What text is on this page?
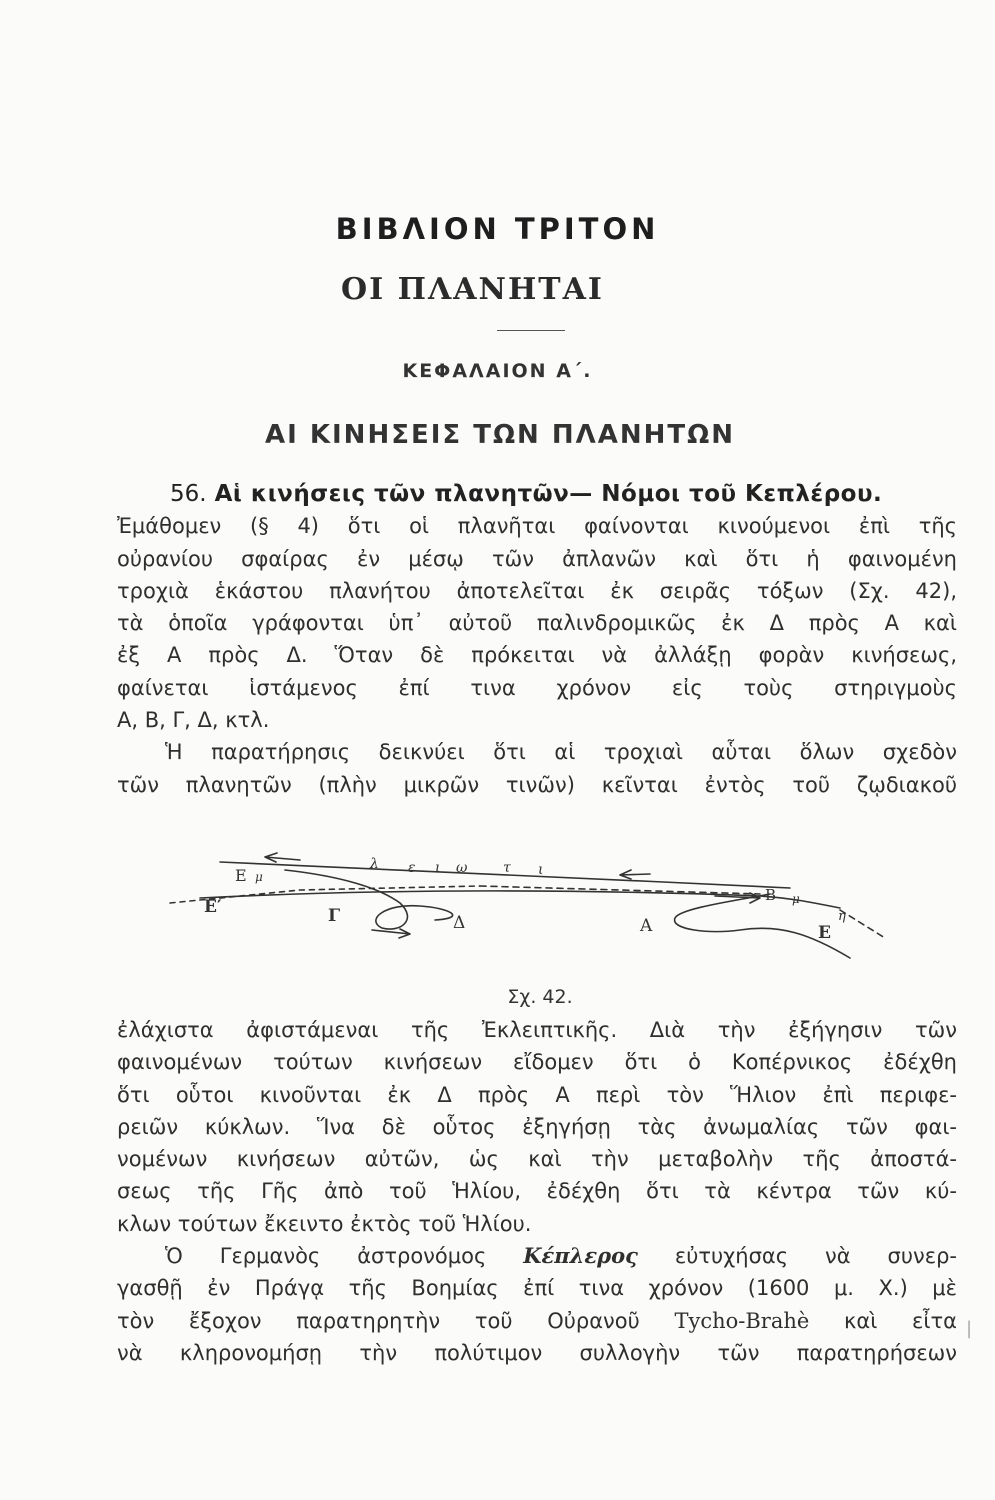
ΒΙΒΛΙΟΝ ΤΡΙΤΟΝ
ΟΙ ΠΛΑΝΗΤΑΙ
ΚΕΦΑΛΑΙΟΝ Α΄.
ΑΙ ΚΙΝΗΣΕΙΣ ΤΩΝ ΠΛΑΝΗΤΩΝ
56. Αἱ κινήσεις τῶν πλανητῶν— Νόμοι τοῦ Κεπλέρου.
Ἐμάθομεν (§ 4) ὅτι οἱ πλανῆται φαίνονται κινούμενοι ἐπὶ τῆς
οὐρανίου σφαίρας ἐν μέσῳ τῶν ἀπλανῶν καὶ ὅτι ἡ φαινομένη
τροχιὰ ἑκάστου πλανήτου ἀποτελεῖται ἐκ σειρᾶς τόξων (Σχ. 42),
τὰ ὁποῖα γράφονται ὑπ᾽ αὐτοῦ παλινδρομικῶς ἐκ Δ πρὸς Α καὶ
ἐξ Α πρὸς Δ. Ὅταν δὲ πρόκειται νὰ ἀλλάξῃ φορὰν κινήσεως,
φαίνεται ἱστάμενος ἐπί τινα χρόνον εἰς τοὺς στηριγμοὺς
Α, Β, Γ, Δ, κτλ.
Ἡ παρατήρησις δεικνύει ὅτι αἱ τροχιαὶ αὗται ὅλων σχεδὸν
τῶν πλανητῶν (πλὴν μικρῶν τινῶν) κεῖνται ἐντὸς τοῦ ζῳδιακοῦ
λ ε ι ω	τ ι
Ε μ
Ε′	Γ	Δ	Α
Β μ
η
Ε

Σχ. 42.

ἐλάχιστα ἀφιστάμεναι τῆς Ἐκλειπτικῆς. Διὰ τὴν ἐξήγησιν τῶν
φαινομένων τούτων κινήσεων εἴδομεν ὅτι ὁ Κοπέρνικος ἐδέχθη
ὅτι οὗτοι κινοῦνται ἐκ Δ πρὸς Α περὶ τὸν Ἥλιον ἐπὶ περιφε-
ρειῶν κύκλων. Ἵνα δὲ οὗτος ἐξηγήσῃ τὰς ἀνωμαλίας τῶν φαι-
νομένων κινήσεων αὐτῶν, ὡς καὶ τὴν μεταβολὴν τῆς ἀποστά-
σεως τῆς Γῆς ἀπὸ τοῦ Ἡλίου, ἐδέχθη ὅτι τὰ κέντρα τῶν κύ-
κλων τούτων ἔκειντο ἐκτὸς τοῦ Ἡλίου.
Ὁ Γερμανὸς ἀστρονόμος Κέπλερος εὐτυχήσας νὰ συνερ-
γασθῇ ἐν Πράγᾳ τῆς Βοημίας ἐπί τινα χρόνον (1600 μ. Χ.) μὲ
τὸν ἔξοχον παρατηρητὴν τοῦ Οὐρανοῦ Tycho-Brahè καὶ εἶτα
νὰ κληρονομήσῃ τὴν πολύτιμον συλλογὴν τῶν παρατηρήσεων
|
